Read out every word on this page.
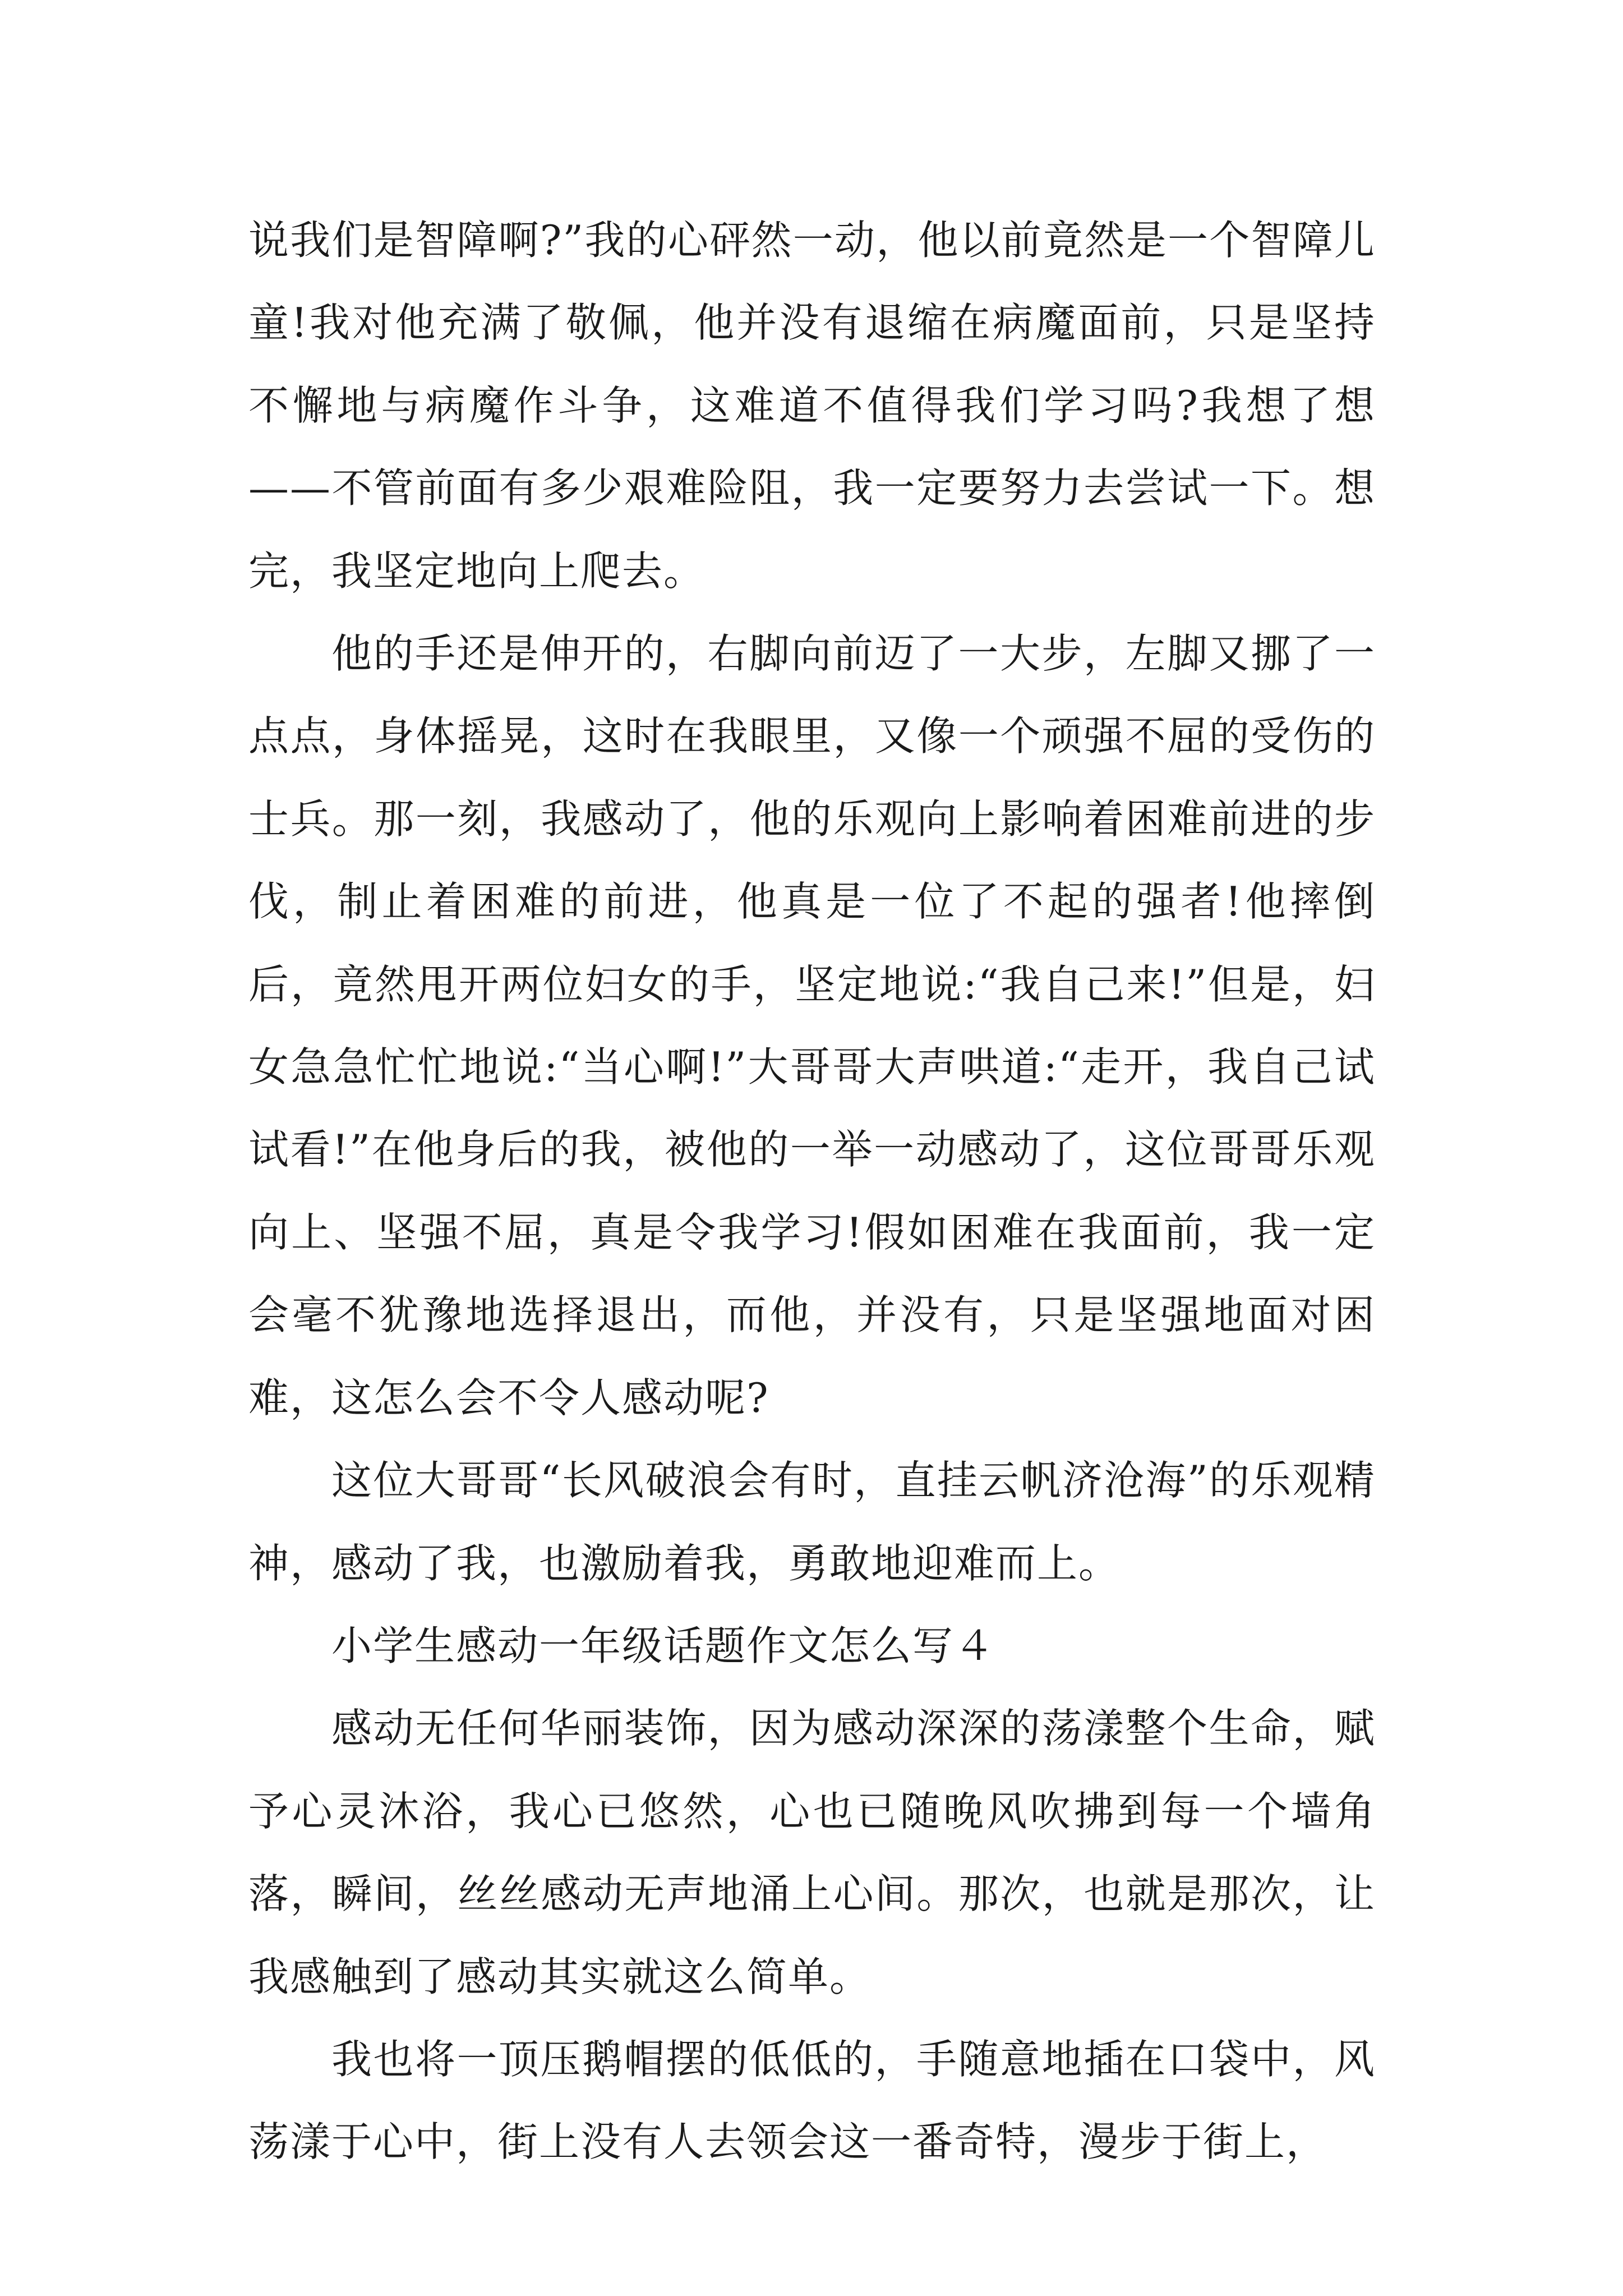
说我们是智障啊?”我的心砰然一动，他以前竟然是一个智障儿童!我对他充满了敬佩，他并没有退缩在病魔面前，只是坚持不懈地与病魔作斗争，这难道不值得我们学习吗?我想了想——不管前面有多少艰难险阻，我一定要努力去尝试一下。想完，我坚定地向上爬去。

他的手还是伸开的，右脚向前迈了一大步，左脚又挪了一点点，身体摇晃，这时在我眼里，又像一个顽强不屈的受伤的士兵。那一刻，我感动了，他的乐观向上影响着困难前进的步伐，制止着困难的前进，他真是一位了不起的强者!他摔倒后，竟然甩开两位妇女的手，坚定地说:“我自己来!”但是，妇女急急忙忙地说:“当心啊!”大哥哥大声哄道:“走开，我自己试试看!”在他身后的我，被他的一举一动感动了，这位哥哥乐观向上、坚强不屈，真是令我学习!假如困难在我面前，我一定会毫不犹豫地选择退出，而他，并没有，只是坚强地面对困难，这怎么会不令人感动呢?

这位大哥哥“长风破浪会有时，直挂云帆济沧海”的乐观精神，感动了我，也激励着我，勇敢地迎难而上。

小学生感动一年级话题作文怎么写４

感动无任何华丽装饰，因为感动深深的荡漾整个生命，赋予心灵沐浴，我心已悠然，心也已随晚风吹拂到每一个墙角落，瞬间，丝丝感动无声地涌上心间。那次，也就是那次，让我感触到了感动其实就这么简单。

我也将一顶压鹅帽摆的低低的，手随意地插在口袋中，风荡漾于心中，街上没有人去领会这一番奇特，漫步于街上，
